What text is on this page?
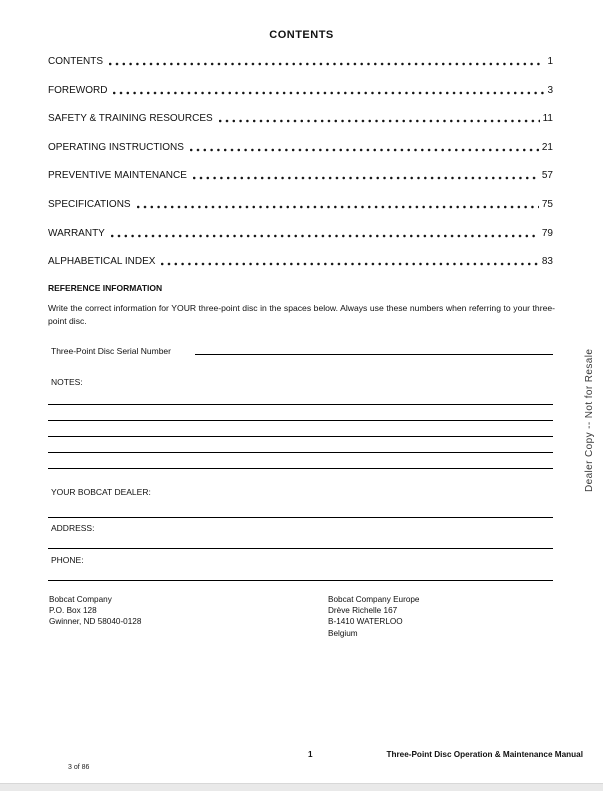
CONTENTS
CONTENTS	1
FOREWORD	3
SAFETY & TRAINING RESOURCES	11
OPERATING INSTRUCTIONS	21
PREVENTIVE MAINTENANCE	57
SPECIFICATIONS	75
WARRANTY	79
ALPHABETICAL INDEX	83
REFERENCE INFORMATION
Write the correct information for YOUR three-point disc in the spaces below. Always use these numbers when referring to your three-point disc.
Three-Point Disc Serial Number
NOTES:
YOUR BOBCAT DEALER:
ADDRESS:
PHONE:
Bobcat Company
P.O. Box 128
Gwinner, ND 58040-0128
Bobcat Company Europe
Drève Richelle 167
B-1410 WATERLOO
Belgium
Dealer Copy -- Not for Resale
1	Three-Point Disc Operation & Maintenance Manual
3 of 86
